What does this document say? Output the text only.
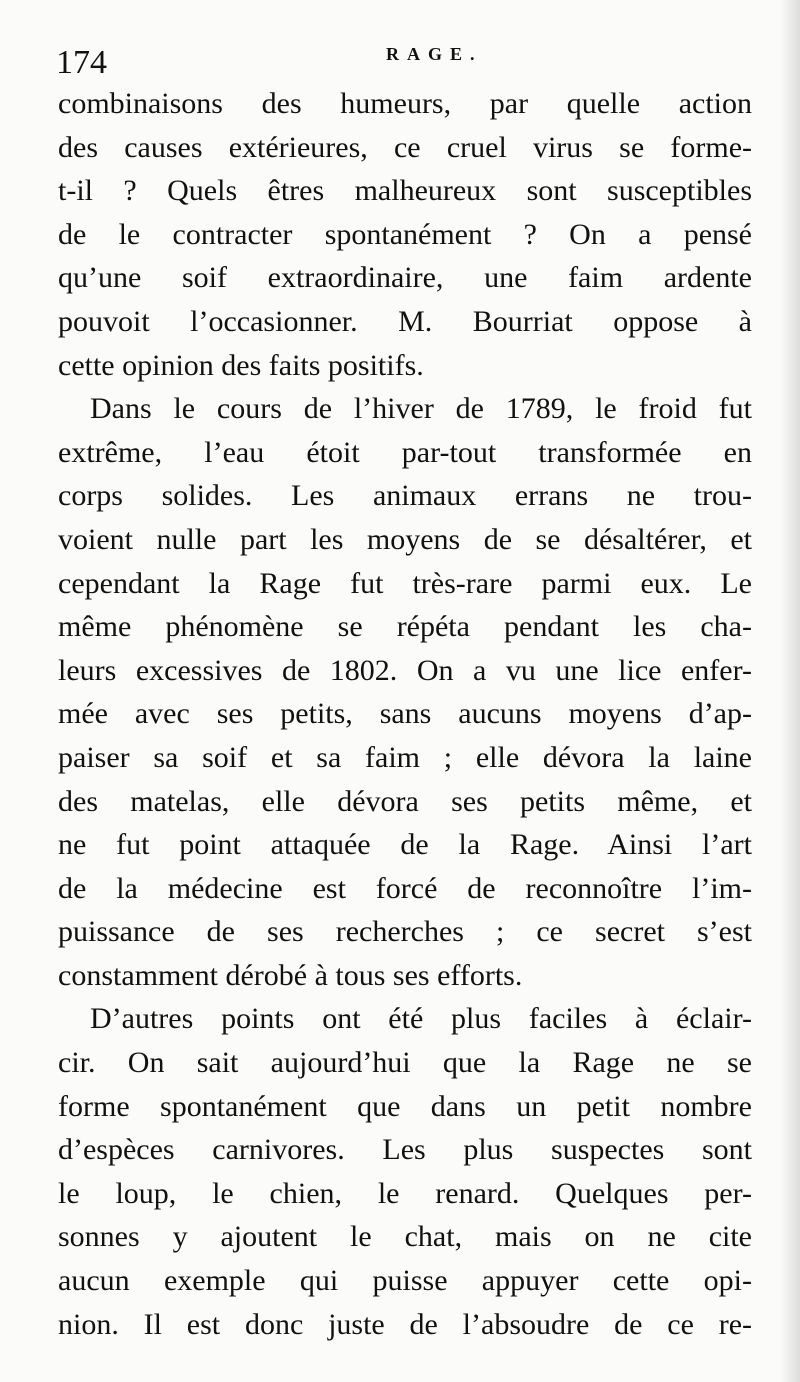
174	RAGE.
combinaisons des humeurs, par quelle action
des causes extérieures, ce cruel virus se forme-
t-il ? Quels êtres malheureux sont susceptibles
de le contracter spontanément ? On a pensé
qu’une soif extraordinaire, une faim ardente
pouvoit l’occasionner. M. Bourriat oppose à
cette opinion des faits positifs.
Dans le cours de l’hiver de 1789, le froid fut
extrême, l’eau étoit par-tout transformée en
corps solides. Les animaux errans ne trou-
voient nulle part les moyens de se désaltérer, et
cependant la Rage fut très-rare parmi eux. Le
même phénomène se répéta pendant les cha-
leurs excessives de 1802. On a vu une lice enfer-
mée avec ses petits, sans aucuns moyens d’ap-
paiser sa soif et sa faim ; elle dévora la laine
des matelas, elle dévora ses petits même, et
ne fut point attaquée de la Rage. Ainsi l’art
de la médecine est forcé de reconnoître l’im-
puissance de ses recherches ; ce secret s’est
constamment dérobé à tous ses efforts.
D’autres points ont été plus faciles à éclair-
cir. On sait aujourd’hui que la Rage ne se
forme spontanément que dans un petit nombre
d’espèces carnivores. Les plus suspectes sont
le loup, le chien, le renard. Quelques per-
sonnes y ajoutent le chat, mais on ne cite
aucun exemple qui puisse appuyer cette opi-
nion. Il est donc juste de l’absoudre de ce re-
